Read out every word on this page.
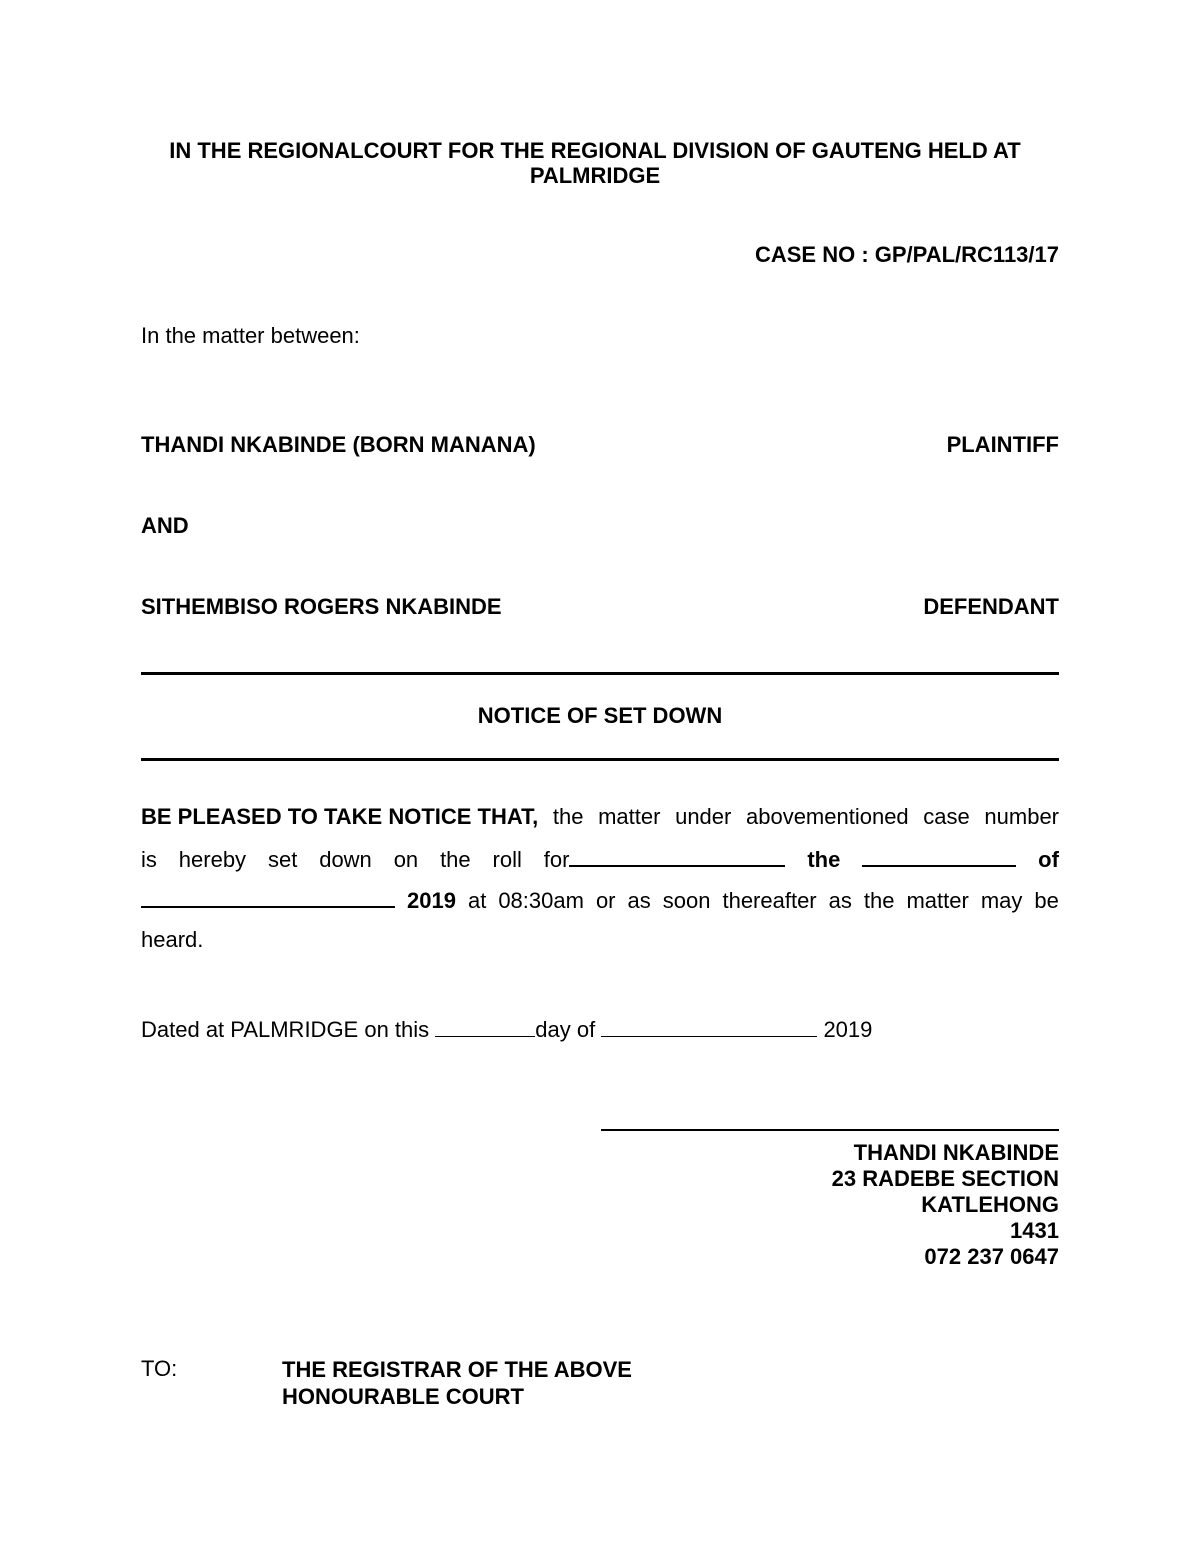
IN THE REGIONALCOURT FOR THE REGIONAL DIVISION OF GAUTENG HELD AT
PALMRIDGE
CASE NO : GP/PAL/RC113/17
In the matter between:
THANDI NKABINDE (BORN MANANA)	PLAINTIFF
AND
SITHEMBISO ROGERS NKABINDE	DEFENDANT
NOTICE OF SET DOWN
BE PLEASED TO TAKE NOTICE THAT, the matter under abovementioned case number
is hereby set down on the roll for	the	of
2019 at 08:30am or as soon thereafter as the matter may be
heard.
Dated at PALMRIDGE on this	day of	2019
THANDI NKABINDE
23 RADEBE SECTION
KATLEHONG
1431
072 237 0647
TO:	THE REGISTRAR OF THE ABOVE
HONOURABLE COURT
